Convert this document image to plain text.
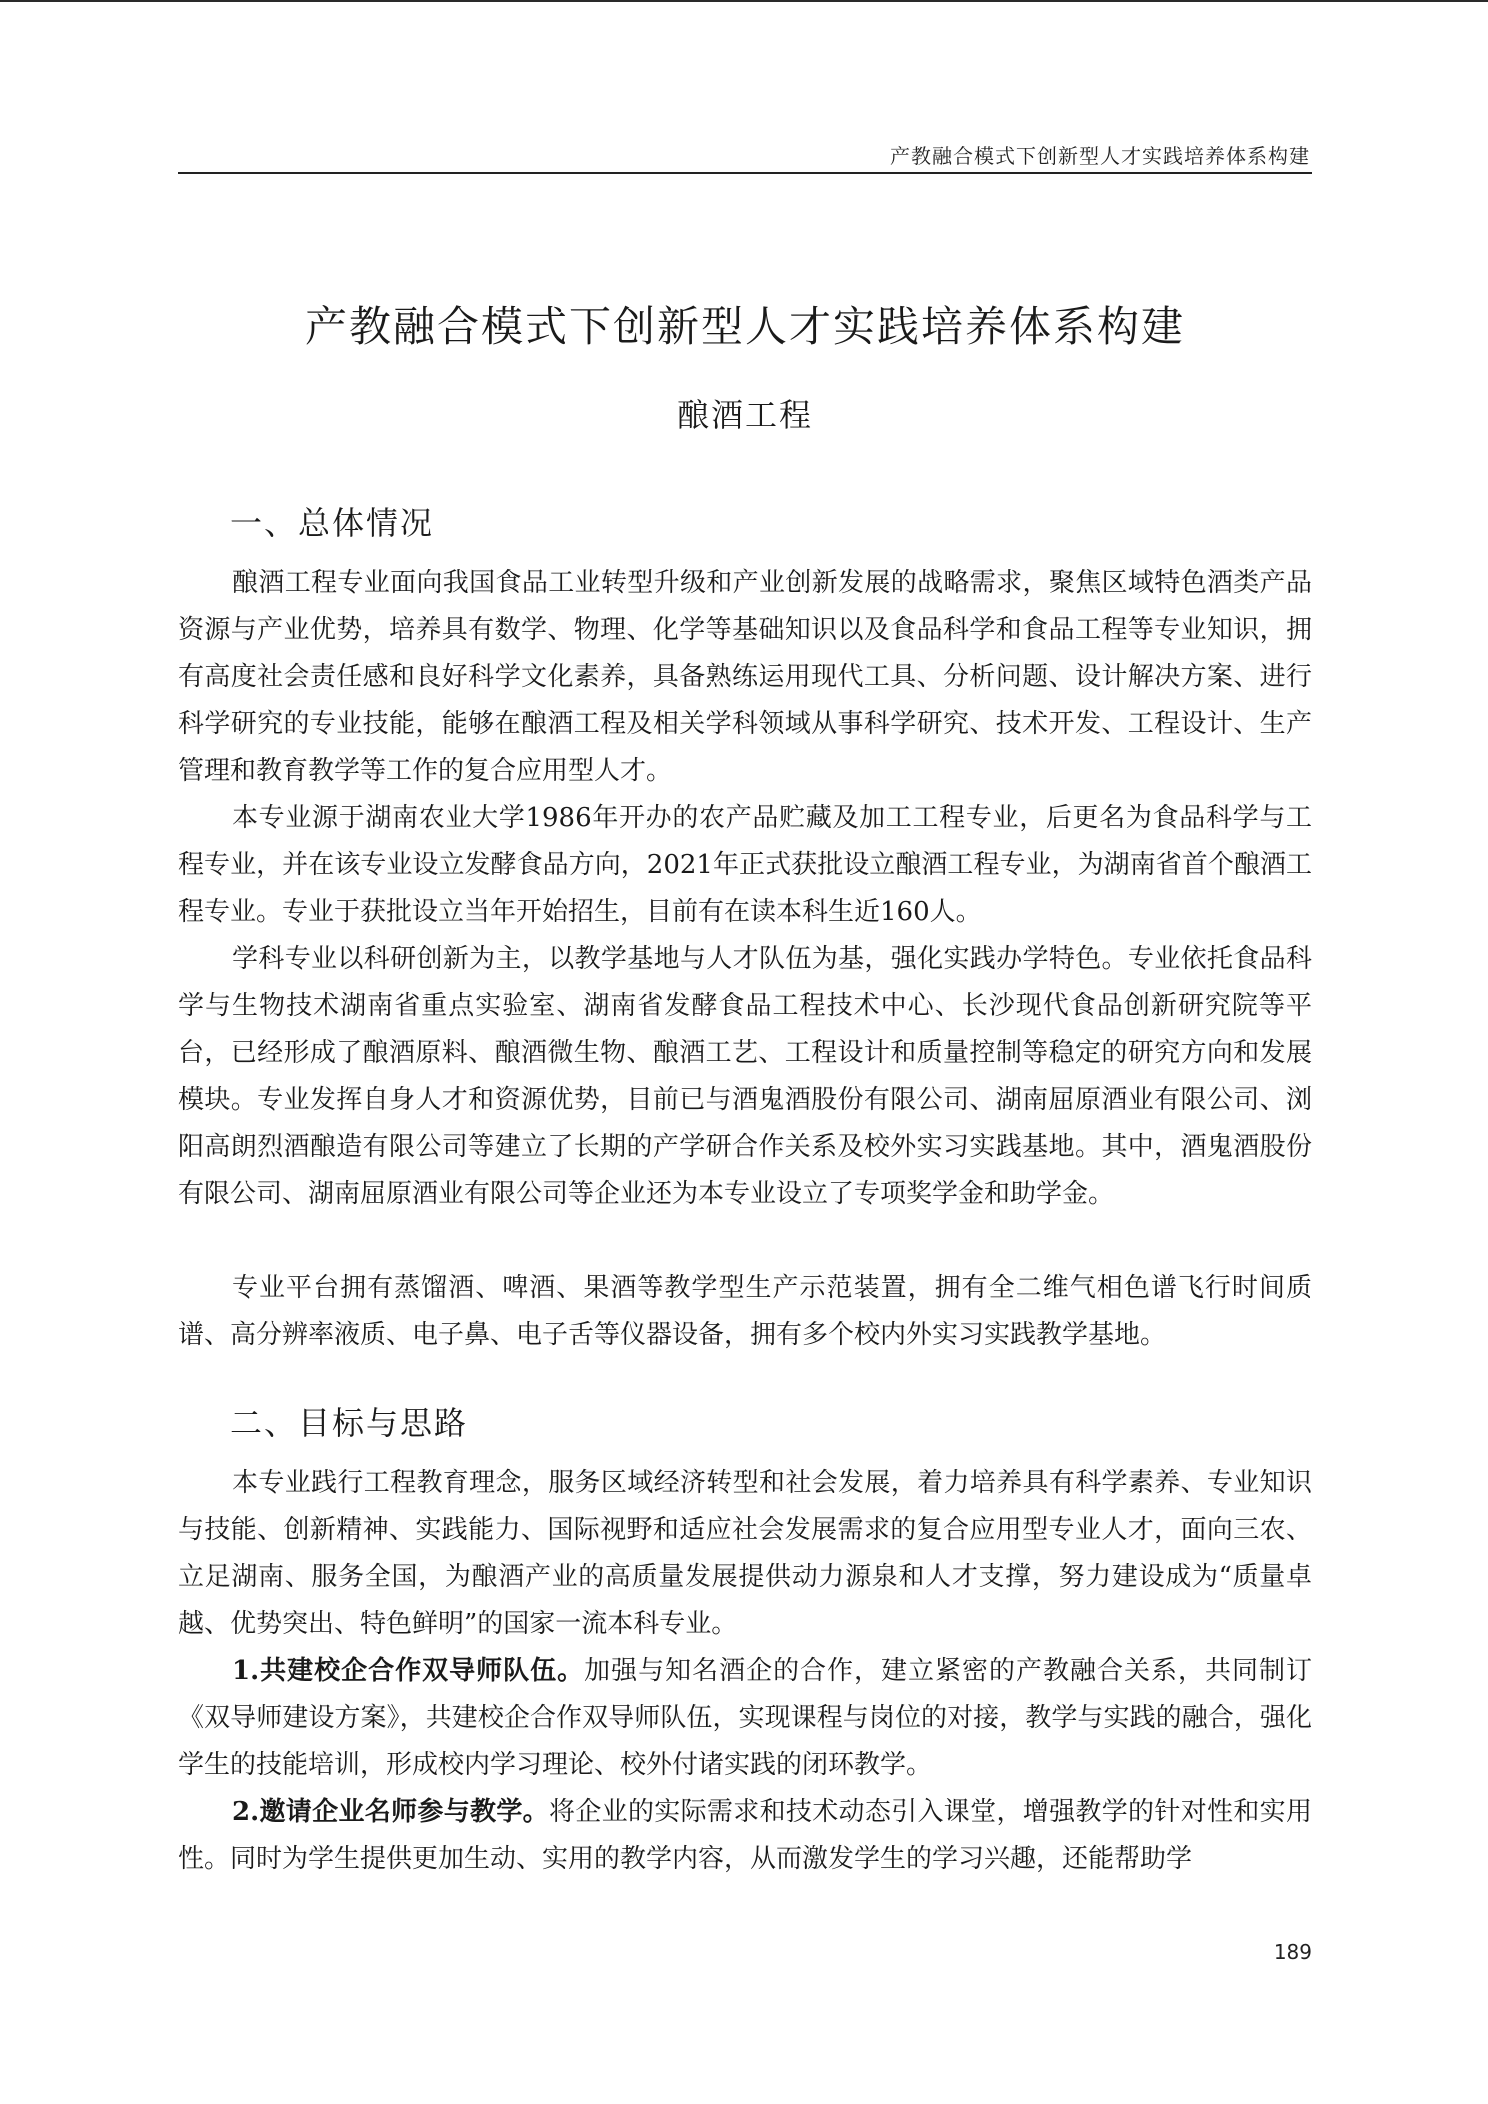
产教融合模式下创新型人才实践培养体系构建
产教融合模式下创新型人才实践培养体系构建
酿酒工程
一、总体情况

酿酒工程专业面向我国食品工业转型升级和产业创新发展的战略需求，聚焦区域特色酒类产品资源与产业优势，培养具有数学、物理、化学等基础知识以及食品科学和食品工程等专业知识，拥有高度社会责任感和良好科学文化素养，具备熟练运用现代工具、分析问题、设计解决方案、进行科学研究的专业技能，能够在酿酒工程及相关学科领域从事科学研究、技术开发、工程设计、生产管理和教育教学等工作的复合应用型人才。

本专业源于湖南农业大学1986年开办的农产品贮藏及加工工程专业，后更名为食品科学与工程专业，并在该专业设立发酵食品方向，2021年正式获批设立酿酒工程专业，为湖南省首个酿酒工程专业。专业于获批设立当年开始招生，目前有在读本科生近160人。

学科专业以科研创新为主，以教学基地与人才队伍为基，强化实践办学特色。专业依托食品科学与生物技术湖南省重点实验室、湖南省发酵食品工程技术中心、长沙现代食品创新研究院等平台，已经形成了酿酒原料、酿酒微生物、酿酒工艺、工程设计和质量控制等稳定的研究方向和发展模块。专业发挥自身人才和资源优势，目前已与酒鬼酒股份有限公司、湖南屈原酒业有限公司、浏阳高朗烈酒酿造有限公司等建立了长期的产学研合作关系及校外实习实践基地。其中，酒鬼酒股份有限公司、湖南屈原酒业有限公司等企业还为本专业设立了专项奖学金和助学金。

专业平台拥有蒸馏酒、啤酒、果酒等教学型生产示范装置，拥有全二维气相色谱飞行时间质谱、高分辨率液质、电子鼻、电子舌等仪器设备，拥有多个校内外实习实践教学基地。

二、目标与思路

本专业践行工程教育理念，服务区域经济转型和社会发展，着力培养具有科学素养、专业知识与技能、创新精神、实践能力、国际视野和适应社会发展需求的复合应用型专业人才，面向三农、立足湖南、服务全国，为酿酒产业的高质量发展提供动力源泉和人才支撑，努力建设成为“质量卓越、优势突出、特色鲜明”的国家一流本科专业。

1.共建校企合作双导师队伍。加强与知名酒企的合作，建立紧密的产教融合关系，共同制订《双导师建设方案》，共建校企合作双导师队伍，实现课程与岗位的对接，教学与实践的融合，强化学生的技能培训，形成校内学习理论、校外付诸实践的闭环教学。

2.邀请企业名师参与教学。将企业的实际需求和技术动态引入课堂，增强教学的针对性和实用性。同时为学生提供更加生动、实用的教学内容，从而激发学生的学习兴趣，还能帮助学

189
